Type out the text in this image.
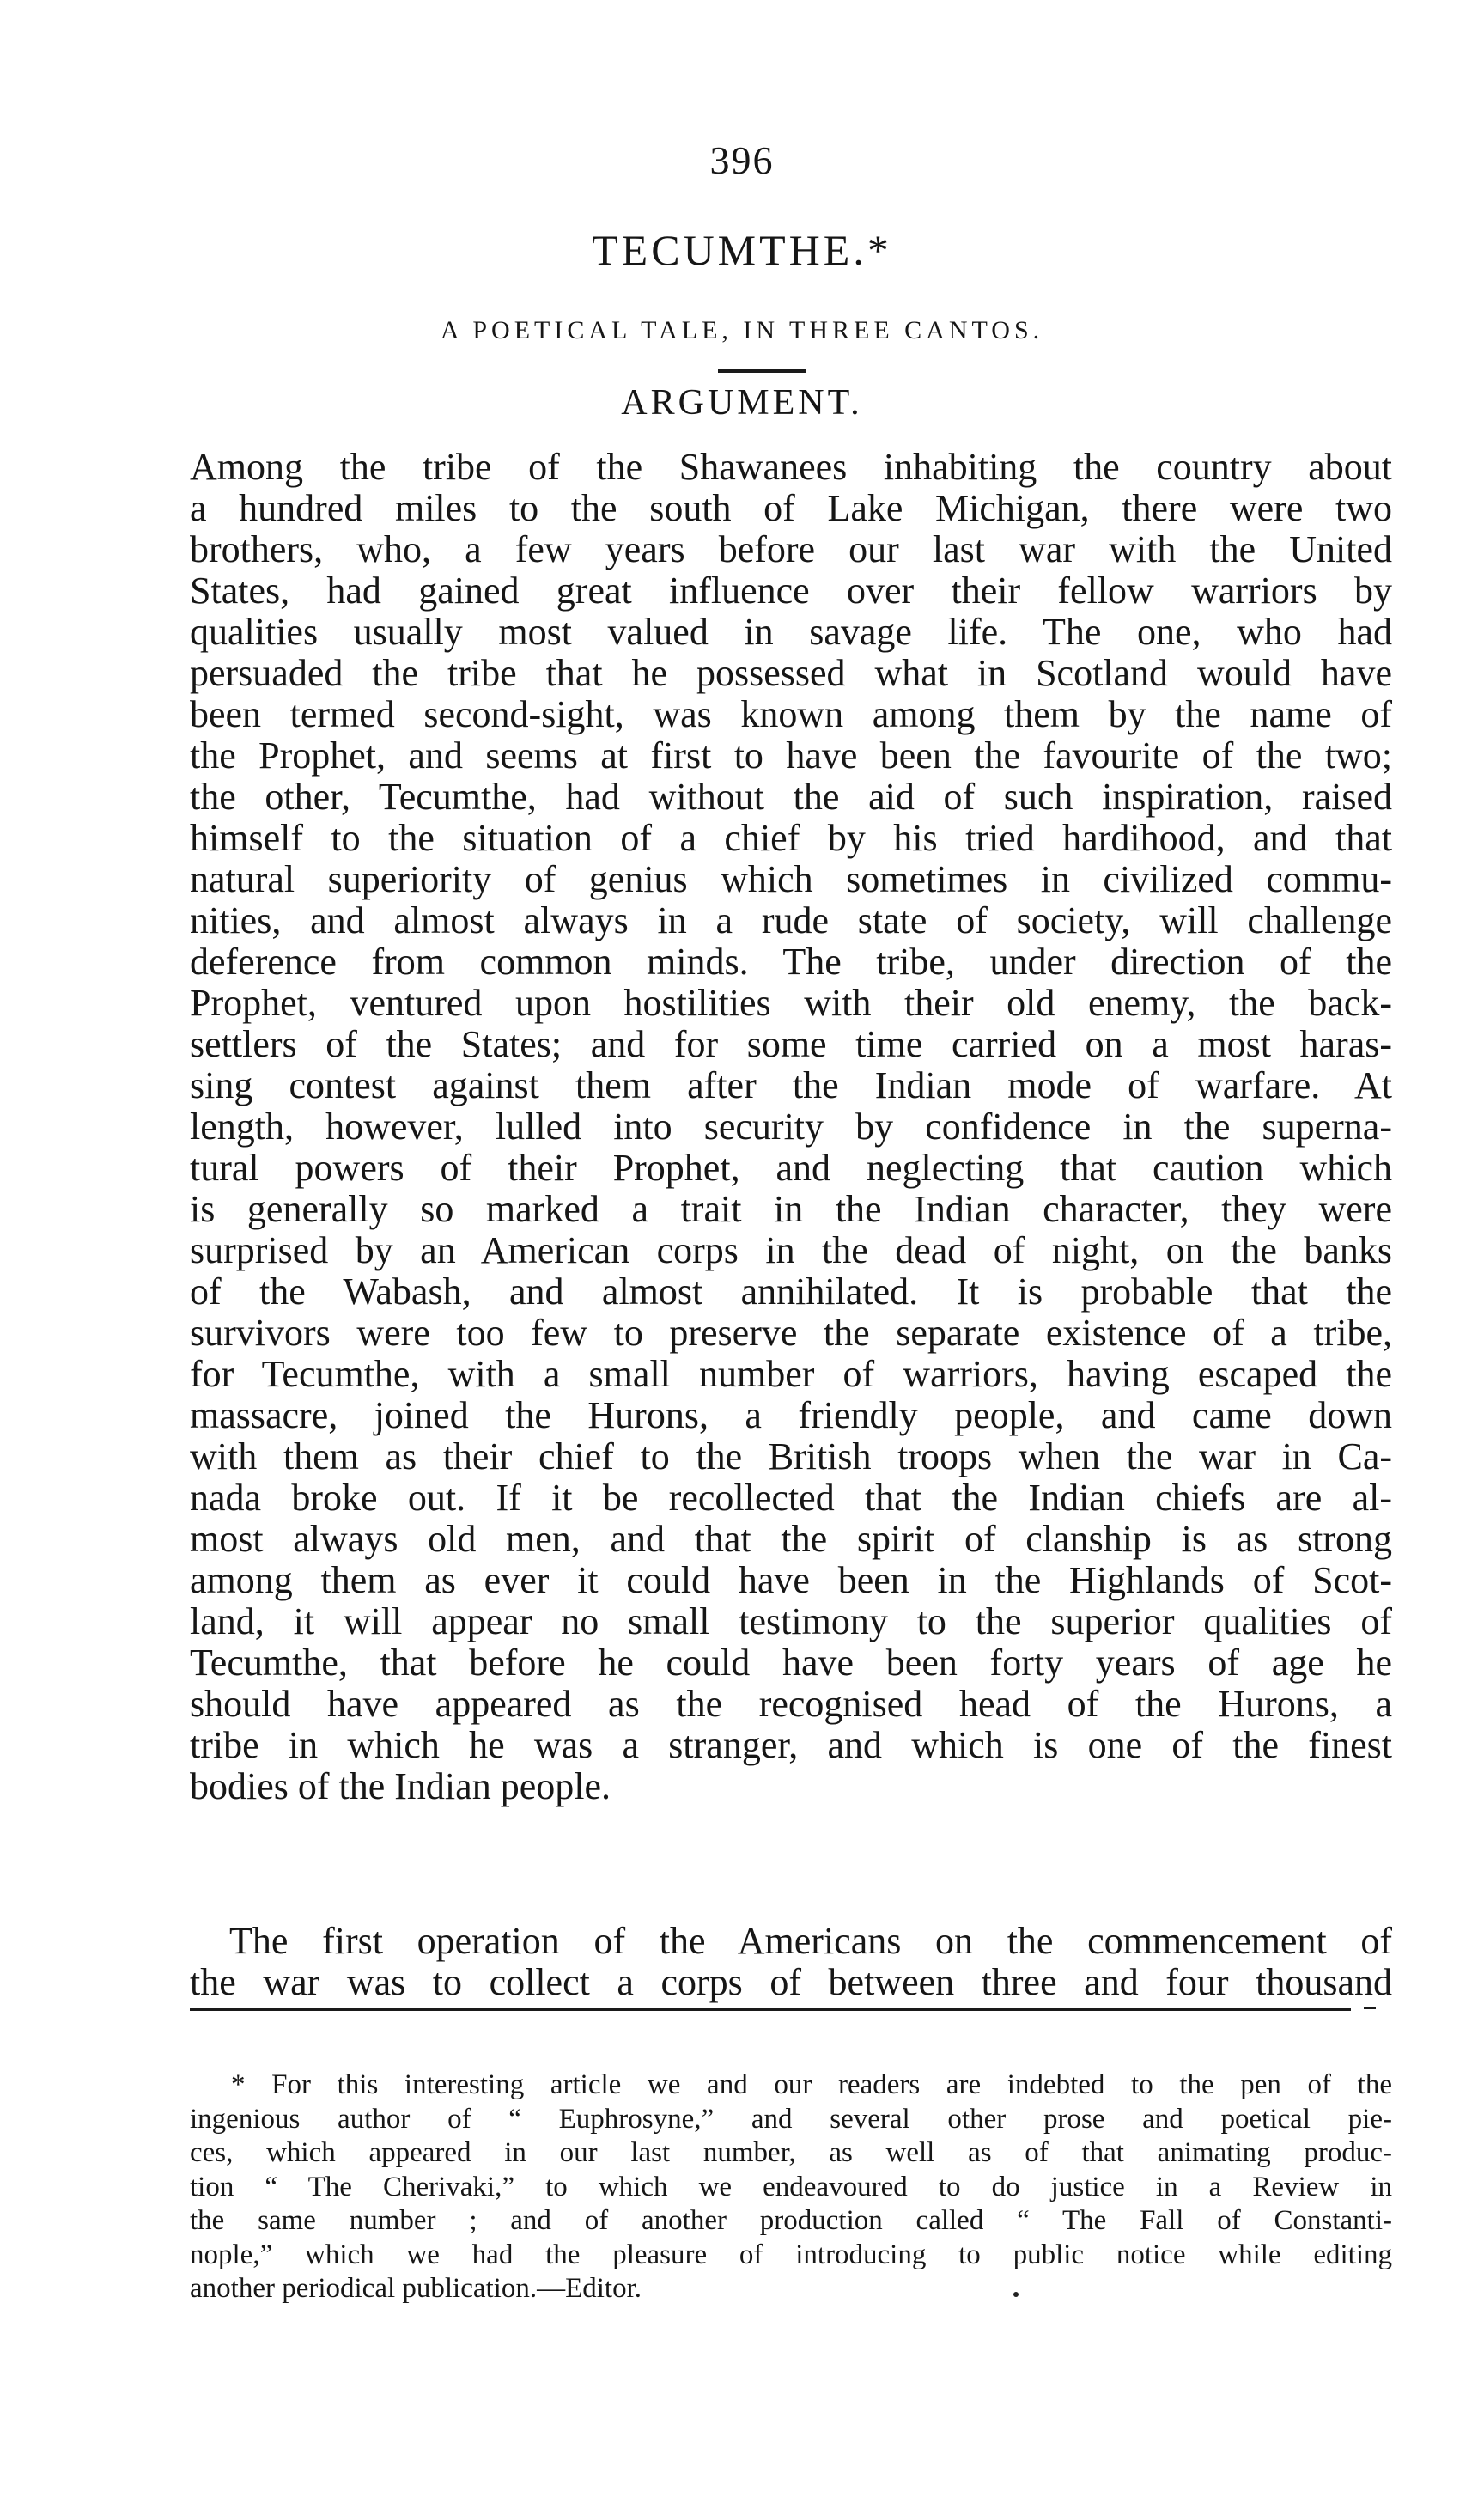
396
TECUMTHE.*
A POETICAL TALE, IN THREE CANTOS.
ARGUMENT.
Among the tribe of the Shawanees inhabiting the country about
a hundred miles to the south of Lake Michigan, there were two
brothers, who, a few years before our last war with the United
States, had gained great influence over their fellow warriors by
qualities usually most valued in savage life. The one, who had
persuaded the tribe that he possessed what in Scotland would have
been termed second-sight, was known among them by the name of
the Prophet, and seems at first to have been the favourite of the two;
the other, Tecumthe, had without the aid of such inspiration, raised
himself to the situation of a chief by his tried hardihood, and that
natural superiority of genius which sometimes in civilized commu-
nities, and almost always in a rude state of society, will challenge
deference from common minds. The tribe, under direction of the
Prophet, ventured upon hostilities with their old enemy, the back-
settlers of the States; and for some time carried on a most haras-
sing contest against them after the Indian mode of warfare. At
length, however, lulled into security by confidence in the superna-
tural powers of their Prophet, and neglecting that caution which
is generally so marked a trait in the Indian character, they were
surprised by an American corps in the dead of night, on the banks
of the Wabash, and almost annihilated. It is probable that the
survivors were too few to preserve the separate existence of a tribe,
for Tecumthe, with a small number of warriors, having escaped the
massacre, joined the Hurons, a friendly people, and came down
with them as their chief to the British troops when the war in Ca-
nada broke out. If it be recollected that the Indian chiefs are al-
most always old men, and that the spirit of clanship is as strong
among them as ever it could have been in the Highlands of Scot-
land, it will appear no small testimony to the superior qualities of
Tecumthe, that before he could have been forty years of age he
should have appeared as the recognised head of the Hurons, a
tribe in which he was a stranger, and which is one of the finest
bodies of the Indian people.
The first operation of the Americans on the commencement of
the war was to collect a corps of between three and four thousand
* For this interesting article we and our readers are indebted to the pen of the
ingenious author of “ Euphrosyne,” and several other prose and poetical pie-
ces, which appeared in our last number, as well as of that animating produc-
tion “ The Cherivaki,” to which we endeavoured to do justice in a Review in
the same number ; and of another production called “ The Fall of Constanti-
nople,” which we had the pleasure of introducing to public notice while editing
another periodical publication.—Editor.
